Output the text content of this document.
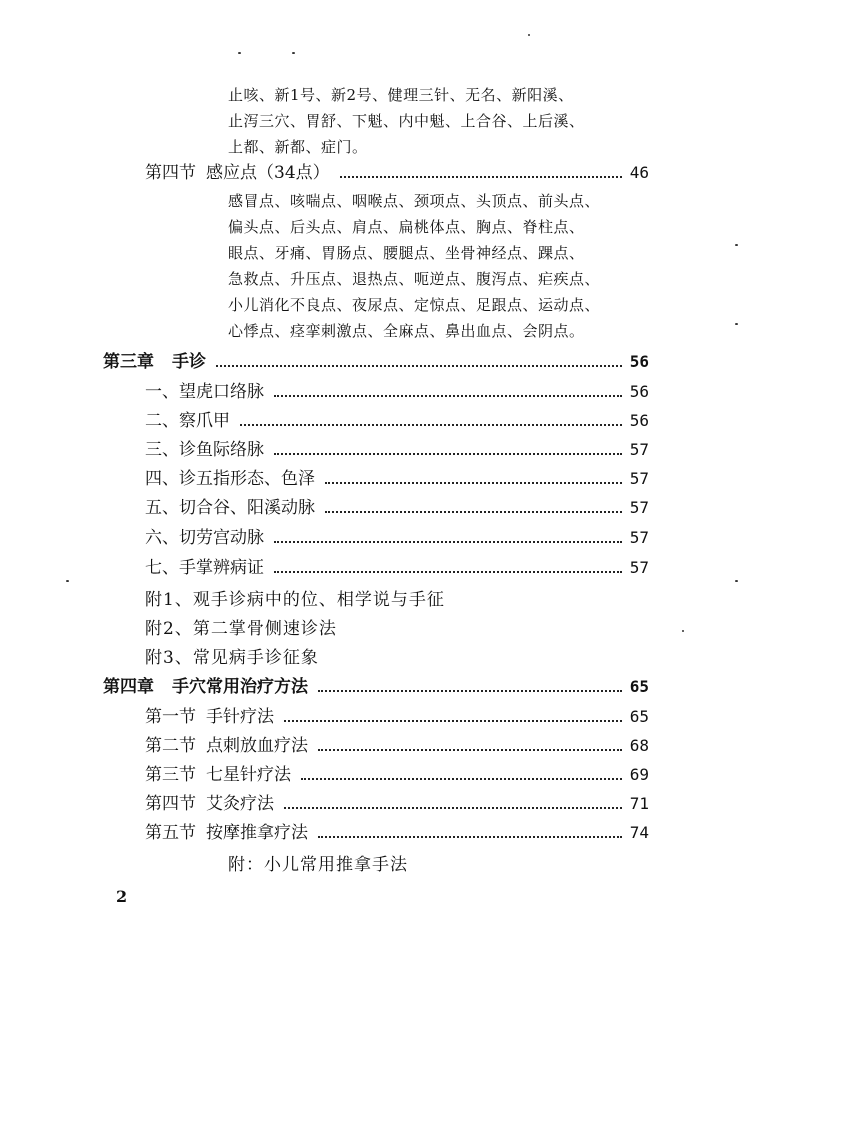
止咳、新1号、新2号、健理三针、无名、新阳溪、
止泻三穴、胃舒、下魁、内中魁、上合谷、上后溪、
上都、新都、症门。
第四节 感应点（34点）	46
感冒点、咳喘点、咽喉点、颈项点、头顶点、前头点、
偏头点、后头点、肩点、扁桃体点、胸点、脊柱点、
眼点、牙痛、胃肠点、腰腿点、坐骨神经点、踝点、
急救点、升压点、退热点、呃逆点、腹泻点、疟疾点、
小儿消化不良点、夜尿点、定惊点、足跟点、运动点、
心悸点、痉挛刺激点、全麻点、鼻出血点、会阴点。
第三章 手诊	56
一、望虎口络脉	56
二、察爪甲	56
三、诊鱼际络脉	57
四、诊五指形态、色泽	57
五、切合谷、阳溪动脉	57
六、切劳宫动脉	57
七、手掌辨病证	57
附1、观手诊病中的位、相学说与手征
附2、第二掌骨侧速诊法
附3、常见病手诊征象
第四章 手穴常用治疗方法	65
第一节 手针疗法	65
第二节 点刺放血疗法	68
第三节 七星针疗法	69
第四节 艾灸疗法	71
第五节 按摩推拿疗法	74
附：小儿常用推拿手法
2
